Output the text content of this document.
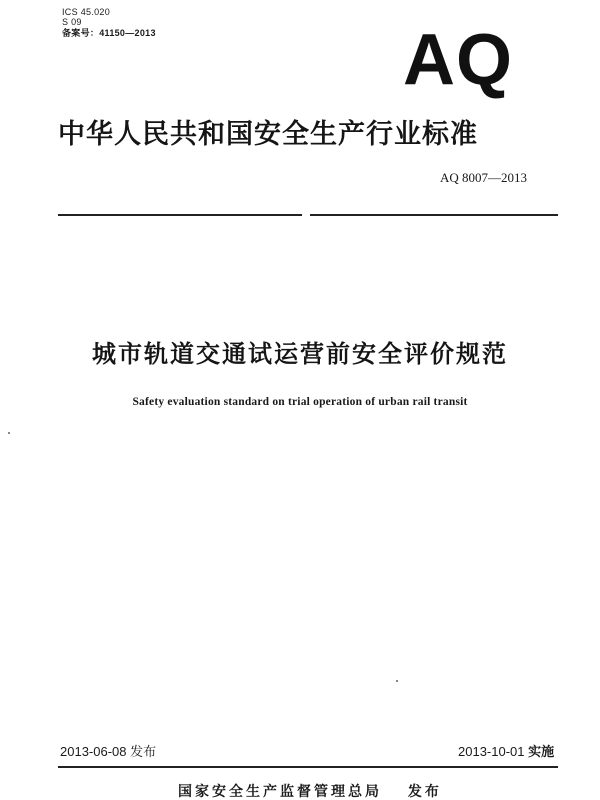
ICS 45.020
S 09
备案号：41150—2013	AQ
中华人民共和国安全生产行业标准
AQ 8007—2013
城市轨道交通试运营前安全评价规范
Safety evaluation standard on trial operation of urban rail transit
2013-06-08 发布	2013-10-01 实施
国家安全生产监督管理总局 发布
